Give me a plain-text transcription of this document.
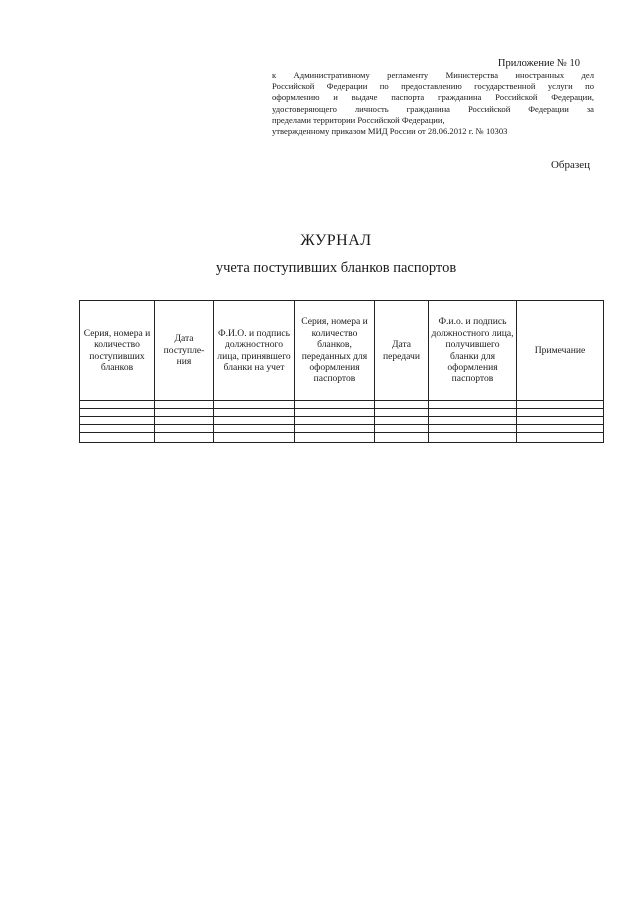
Приложение № 10
к Административному регламенту Министерства иностранных дел
Российской Федерации по предоставлению государственной услуги по
оформлению и выдаче паспорта гражданина Российской Федерации,
удостоверяющего личность гражданина Российской Федерации за
пределами территории Российской Федерации,
утвержденному приказом МИД России от 28.06.2012 г. № 10303
Образец
ЖУРНАЛ
учета поступивших бланков паспортов
Серия, номера и количество поступивших бланков	Дата поступле-ния	Ф.И.О. и подпись должностного лица, принявшего бланки на учет	Серия, номера и количество бланков, переданных для оформления паспортов	Дата передачи	Ф.и.о. и подпись должностного лица, получившего бланки для оформления паспортов	Примечание
